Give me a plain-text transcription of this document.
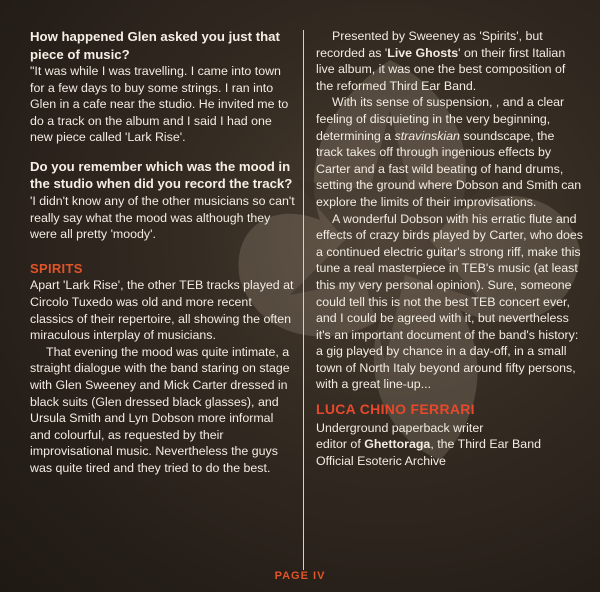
How happened Glen asked you just that piece of music?

"It was while I was travelling. I came into town for a few days to buy some strings. I ran into Glen in a cafe near the studio. He invited me to do a track on the album and I said I had one new piece called 'Lark Rise'.

Do you remember which was the mood in the studio when did you record the track?

'I didn't know any of the other musicians so can't really say what the mood was although they were all pretty 'moody'.

SPIRITS

Apart 'Lark Rise', the other TEB tracks played at Circolo Tuxedo was old and more recent classics of their repertoire, all showing the often miraculous interplay of musicians.

That evening the mood was quite intimate, a straight dialogue with the band staring on stage with Glen Sweeney and Mick Carter dressed in black suits (Glen dressed black glasses), and Ursula Smith and Lyn Dobson more informal and colourful, as requested by their improvisational music. Nevertheless the guys was quite tired and they tried to do the best.

Presented by Sweeney as 'Spirits', but recorded as 'Live Ghosts' on their first Italian live album, it was one the best composition of the reformed Third Ear Band.

With its sense of suspension, , and a clear feeling of disquieting in the very beginning, determining a stravinskian soundscape, the track takes off through ingenious effects by Carter and a fast wild beating of hand drums, setting the ground where Dobson and Smith can explore the limits of their improvisations.

A wonderful Dobson with his erratic flute and effects of crazy birds played by Carter, who does a continued electric guitar's strong riff, make this tune a real masterpiece in TEB's music (at least this my very personal opinion). Sure, someone could tell this is not the best TEB concert ever, and I could be agreed with it, but nevertheless it's an important document of the band's history: a gig played by chance in a day-off, in a small town of North Italy beyond around fifty persons, with a great line-up...

LUCA CHINO FERRARI

Underground paperback writer

editor of Ghettoraga, the Third Ear Band

Official Esoteric Archive

PAGE IV
